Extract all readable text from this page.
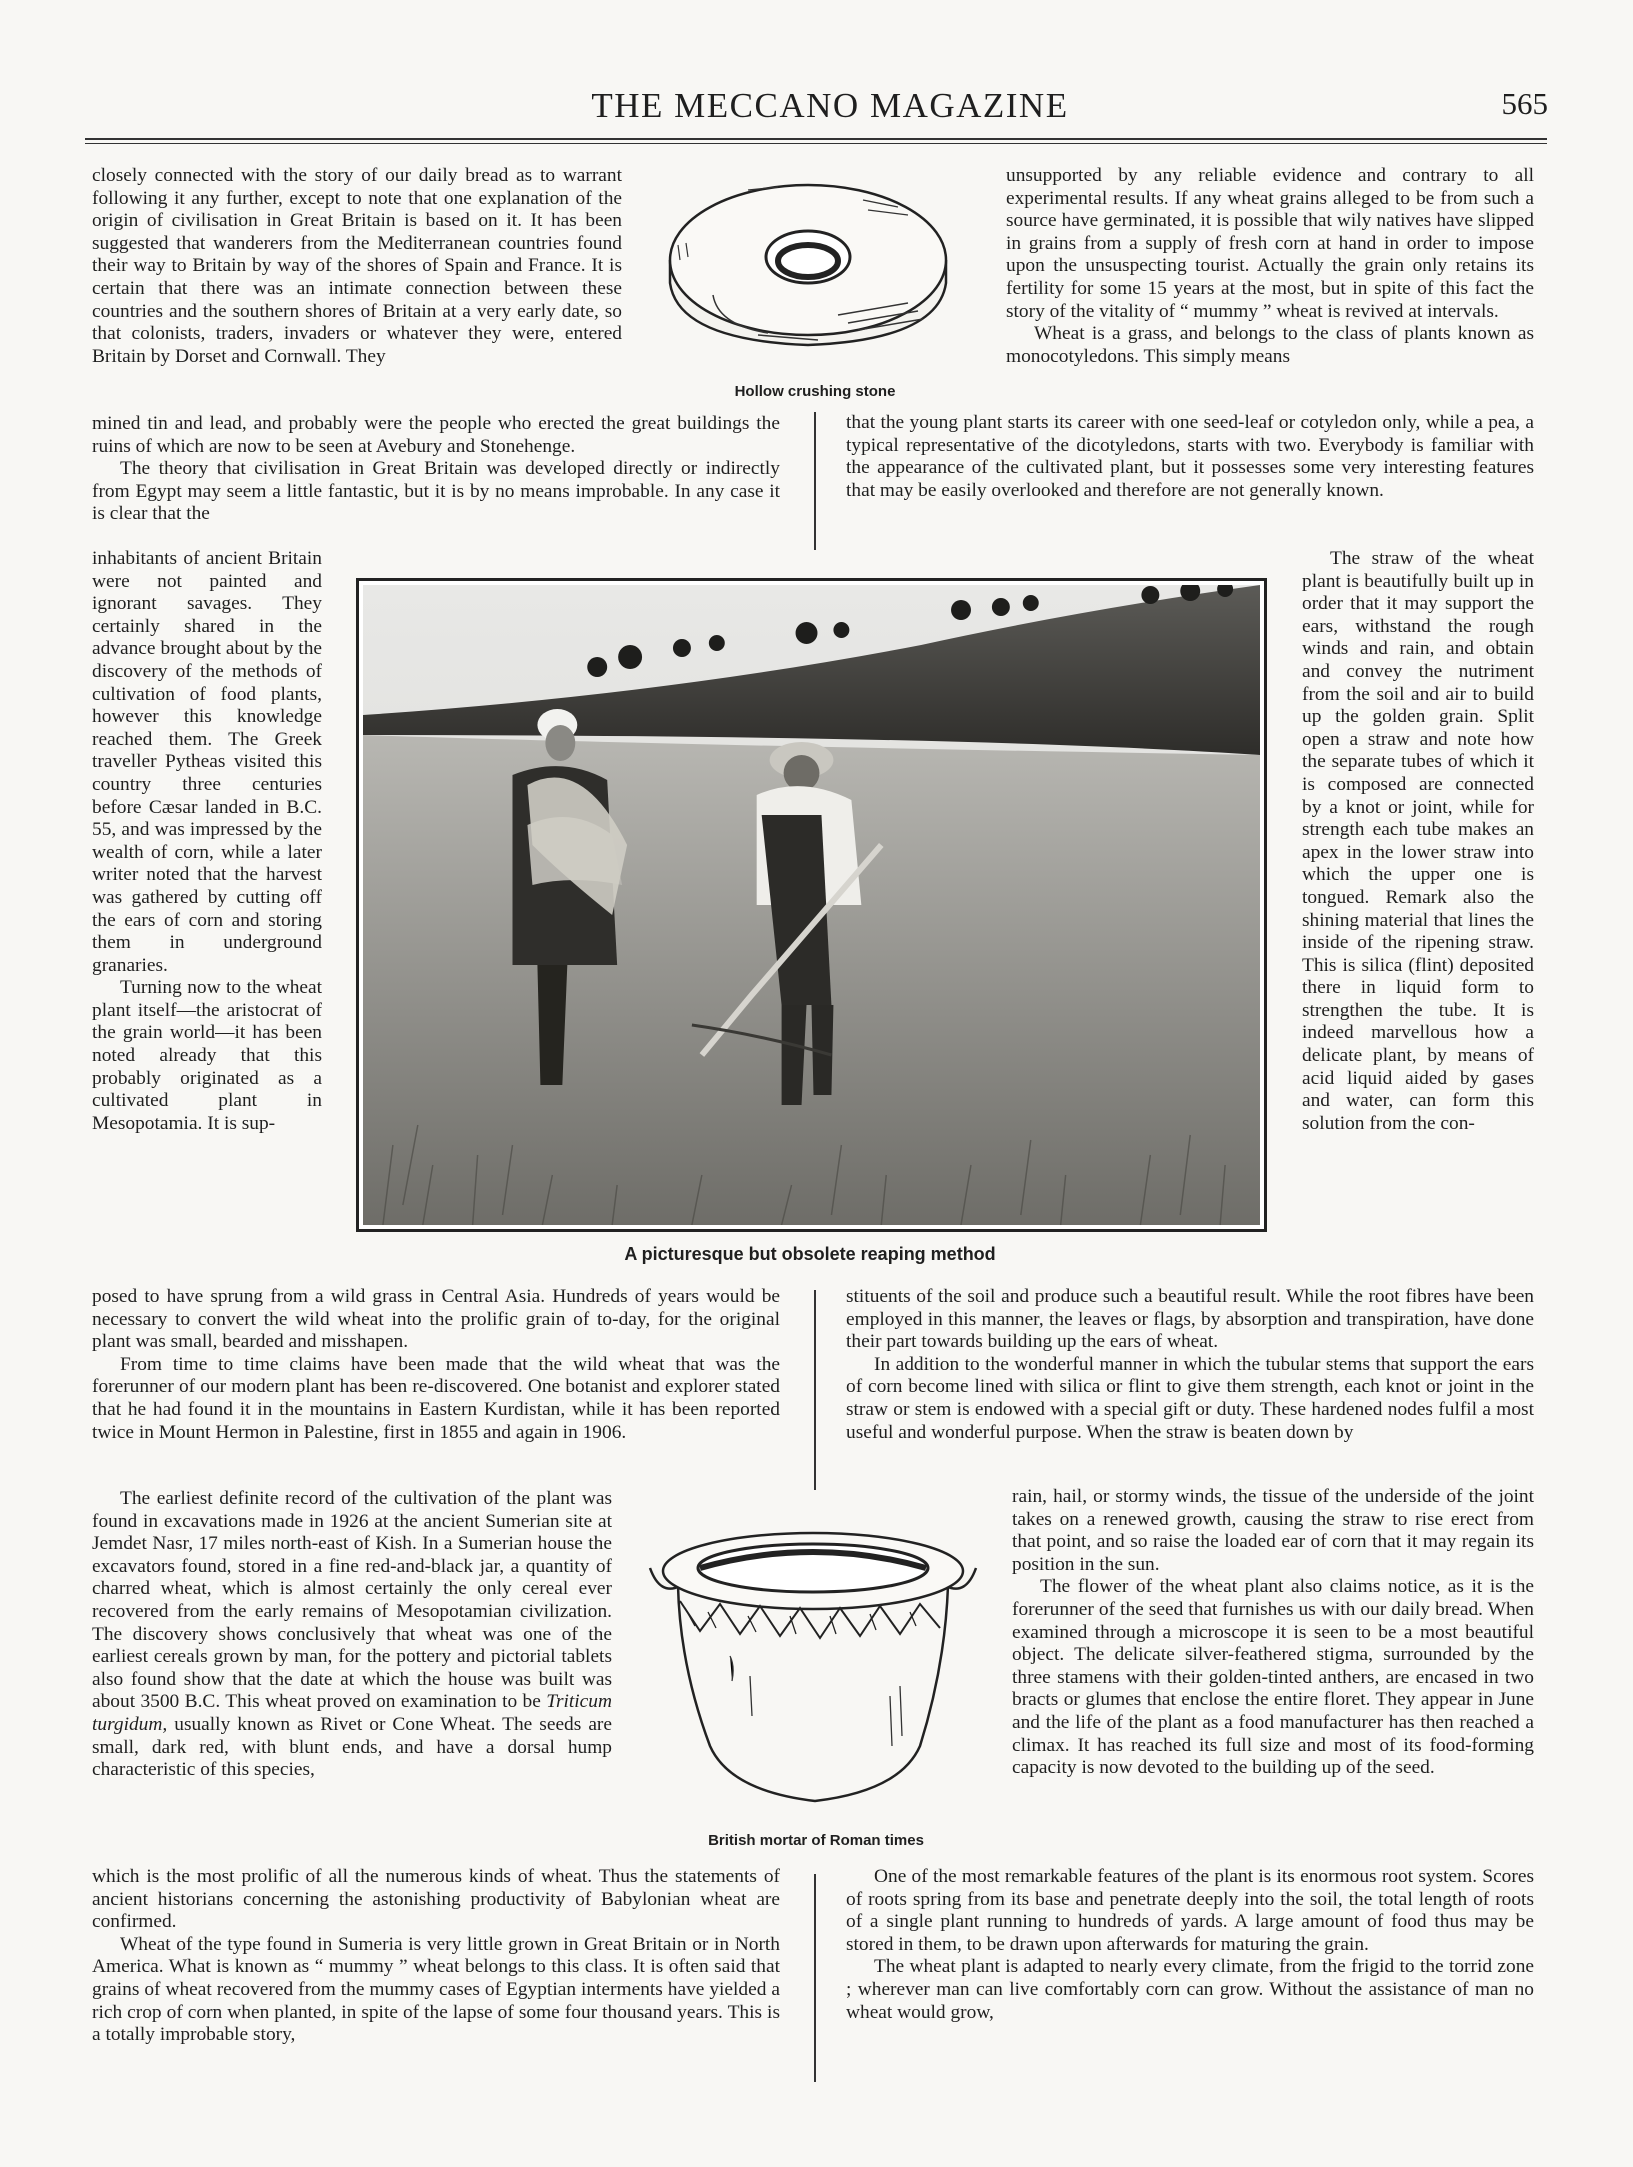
THE MECCANO MAGAZINE	565

closely connected with the story of our daily bread as to warrant following it any further, except to note that one explanation of the origin of civilisation in Great Britain is based on it. It has been suggested that wanderers from the Mediterranean countries found their way to Britain by way of the shores of Spain and France. It is certain that there was an intimate connection between these countries and the southern shores of Britain at a very early date, so that colonists, traders, invaders or whatever they were, entered Britain by Dorset and Cornwall. They

mined tin and lead, and probably were the people who erected the great buildings the ruins of which are now to be seen at Avebury and Stonehenge.

The theory that civilisation in Great Britain was developed directly or indirectly from Egypt may seem a little fantastic, but it is by no means improbable. In any case it is clear that the

inhabitants of ancient Britain were not painted and ignorant savages. They certainly shared in the advance brought about by the discovery of the methods of cultivation of food plants, however this knowledge reached them. The Greek traveller Pytheas visited this country three centuries before Cæsar landed in B.C. 55, and was impressed by the wealth of corn, while a later writer noted that the harvest was gathered by cutting off the ears of corn and storing them in underground granaries.

Turning now to the wheat plant itself—the aristocrat of the grain world—it has been noted already that this probably originated as a cultivated plant in Mesopotamia. It is sup-

posed to have sprung from a wild grass in Central Asia. Hundreds of years would be necessary to convert the wild wheat into the prolific grain of to-day, for the original plant was small, bearded and misshapen.

From time to time claims have been made that the wild wheat that was the forerunner of our modern plant has been re-discovered. One botanist and explorer stated that he had found it in the mountains in Eastern Kurdistan, while it has been reported twice in Mount Hermon in Palestine, first in 1855 and again in 1906.

The earliest definite record of the cultivation of the plant was found in excavations made in 1926 at the ancient Sumerian site at Jemdet Nasr, 17 miles north-east of Kish. In a Sumerian house the excavators found, stored in a fine red-and-black jar, a quantity of charred wheat, which is almost certainly the only cereal ever recovered from the early remains of Mesopotamian civilization. The discovery shows conclusively that wheat was one of the earliest cereals grown by man, for the pottery and pictorial tablets also found show that the date at which the house was built was about 3500 B.C. This wheat proved on examination to be Triticum turgidum, usually known as Rivet or Cone Wheat. The seeds are small, dark red, with blunt ends, and have a dorsal hump characteristic of this species,

which is the most prolific of all the numerous kinds of wheat. Thus the statements of ancient historians concerning the astonishing productivity of Babylonian wheat are confirmed.

Wheat of the type found in Sumeria is very little grown in Great Britain or in North America. What is known as “ mummy ” wheat belongs to this class. It is often said that grains of wheat recovered from the mummy cases of Egyptian interments have yielded a rich crop of corn when planted, in spite of the lapse of some four thousand years. This is a totally improbable story,

unsupported by any reliable evidence and contrary to all experimental results. If any wheat grains alleged to be from such a source have germinated, it is possible that wily natives have slipped in grains from a supply of fresh corn at hand in order to impose upon the unsuspecting tourist. Actually the grain only retains its fertility for some 15 years at the most, but in spite of this fact the story of the vitality of “ mummy ” wheat is revived at intervals.

Wheat is a grass, and belongs to the class of plants known as monocotyledons. This simply means

that the young plant starts its career with one seed-leaf or cotyledon only, while a pea, a typical representative of the dicotyledons, starts with two. Everybody is familiar with the appearance of the cultivated plant, but it possesses some very interesting features that may be easily overlooked and therefore are not generally known.

The straw of the wheat plant is beautifully built up in order that it may support the ears, withstand the rough winds and rain, and obtain and convey the nutriment from the soil and air to build up the golden grain. Split open a straw and note how the separate tubes of which it is composed are connected by a knot or joint, while for strength each tube makes an apex in the lower straw into which the upper one is tongued. Remark also the shining material that lines the inside of the ripening straw. This is silica (flint) deposited there in liquid form to strengthen the tube. It is indeed marvellous how a delicate plant, by means of acid liquid aided by gases and water, can form this solution from the con-

stituents of the soil and produce such a beautiful result. While the root fibres have been employed in this manner, the leaves or flags, by absorption and transpiration, have done their part towards building up the ears of wheat.

In addition to the wonderful manner in which the tubular stems that support the ears of corn become lined with silica or flint to give them strength, each knot or joint in the straw or stem is endowed with a special gift or duty. These hardened nodes fulfil a most useful and wonderful purpose. When the straw is beaten down by

rain, hail, or stormy winds, the tissue of the underside of the joint takes on a renewed growth, causing the straw to rise erect from that point, and so raise the loaded ear of corn that it may regain its position in the sun.

The flower of the wheat plant also claims notice, as it is the forerunner of the seed that furnishes us with our daily bread. When examined through a microscope it is seen to be a most beautiful object. The delicate silver-feathered stigma, surrounded by the three stamens with their golden-tinted anthers, are encased in two bracts or glumes that enclose the entire floret. They appear in June and the life of the plant as a food manufacturer has then reached a climax. It has reached its full size and most of its food-forming capacity is now devoted to the building up of the seed.

One of the most remarkable features of the plant is its enormous root system. Scores of roots spring from its base and penetrate deeply into the soil, the total length of roots of a single plant running to hundreds of yards. A large amount of food thus may be stored in them, to be drawn upon afterwards for maturing the grain.

The wheat plant is adapted to nearly every climate, from the frigid to the torrid zone ; wherever man can live comfortably corn can grow. Without the assistance of man no wheat would grow,

Hollow crushing stone
A picturesque but obsolete reaping method
British mortar of Roman times
